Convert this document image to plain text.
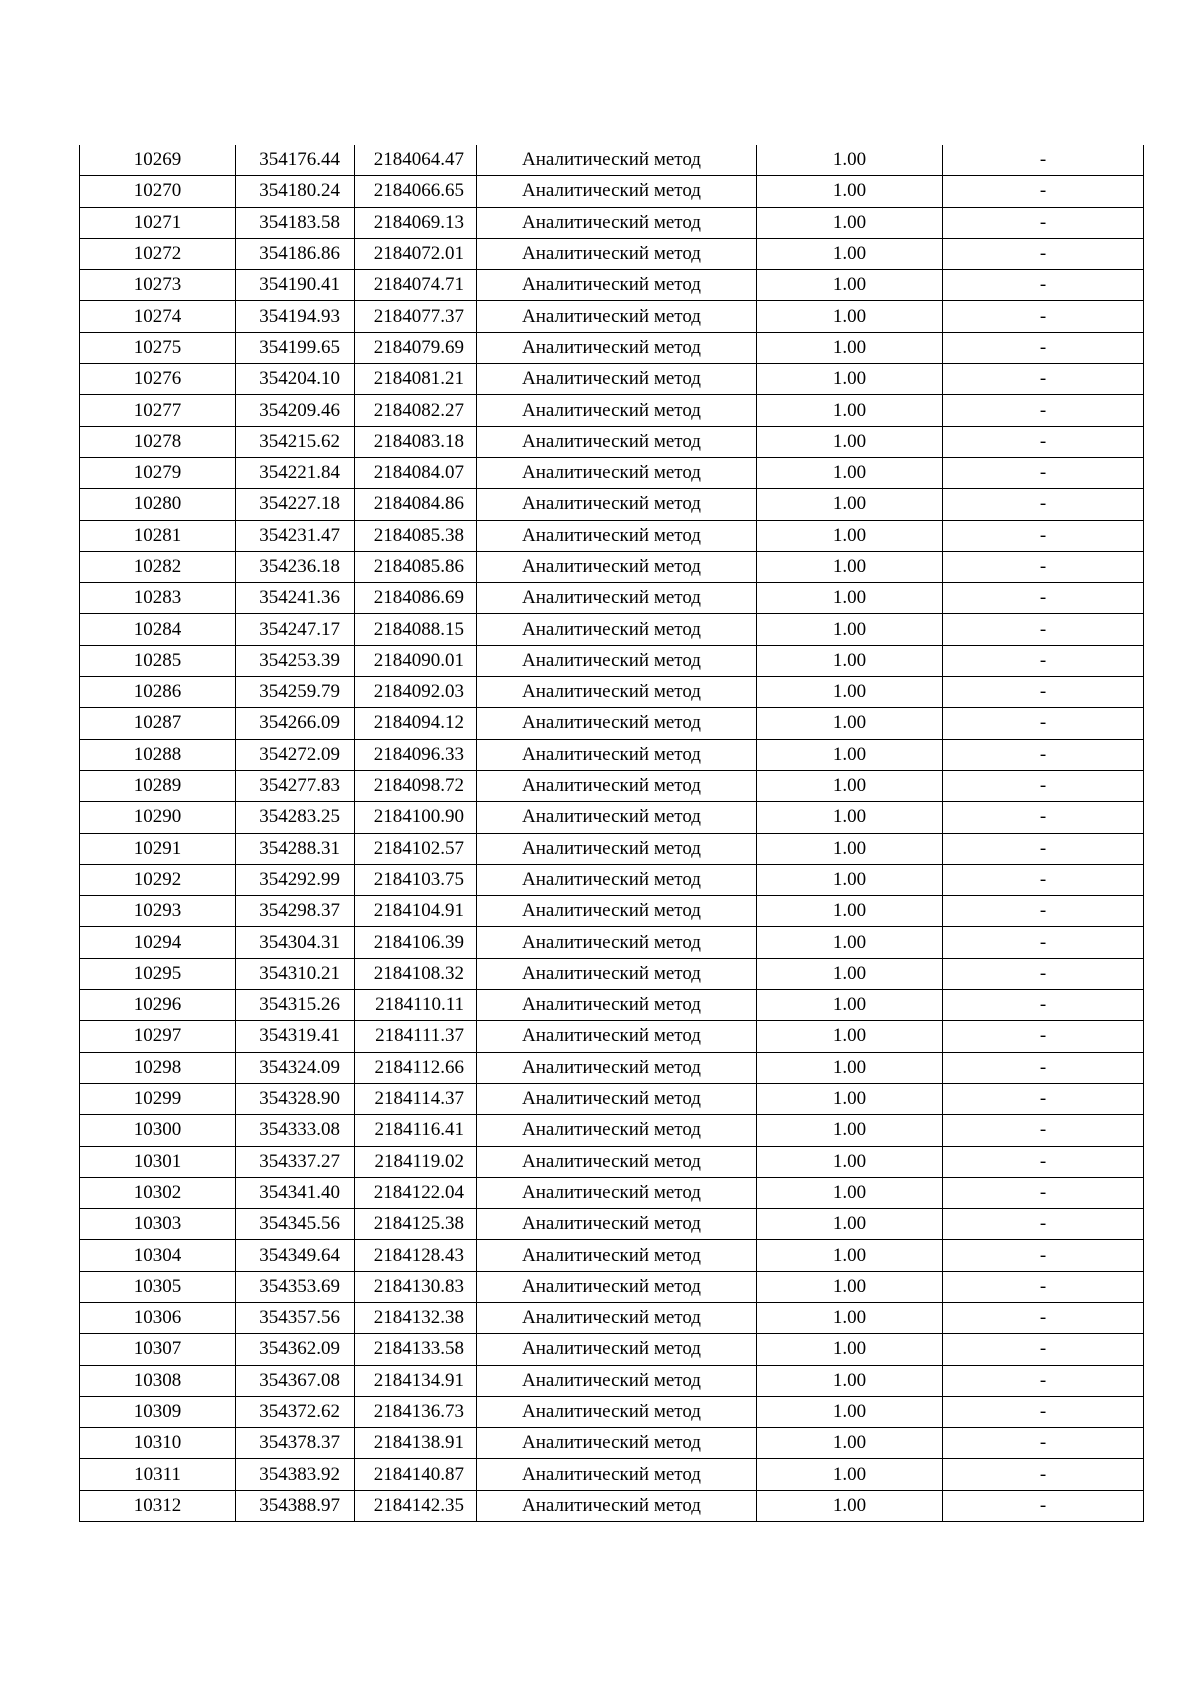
10269	354176.44	2184064.47	Аналитический метод	1.00	-
10270	354180.24	2184066.65	Аналитический метод	1.00	-
10271	354183.58	2184069.13	Аналитический метод	1.00	-
10272	354186.86	2184072.01	Аналитический метод	1.00	-
10273	354190.41	2184074.71	Аналитический метод	1.00	-
10274	354194.93	2184077.37	Аналитический метод	1.00	-
10275	354199.65	2184079.69	Аналитический метод	1.00	-
10276	354204.10	2184081.21	Аналитический метод	1.00	-
10277	354209.46	2184082.27	Аналитический метод	1.00	-
10278	354215.62	2184083.18	Аналитический метод	1.00	-
10279	354221.84	2184084.07	Аналитический метод	1.00	-
10280	354227.18	2184084.86	Аналитический метод	1.00	-
10281	354231.47	2184085.38	Аналитический метод	1.00	-
10282	354236.18	2184085.86	Аналитический метод	1.00	-
10283	354241.36	2184086.69	Аналитический метод	1.00	-
10284	354247.17	2184088.15	Аналитический метод	1.00	-
10285	354253.39	2184090.01	Аналитический метод	1.00	-
10286	354259.79	2184092.03	Аналитический метод	1.00	-
10287	354266.09	2184094.12	Аналитический метод	1.00	-
10288	354272.09	2184096.33	Аналитический метод	1.00	-
10289	354277.83	2184098.72	Аналитический метод	1.00	-
10290	354283.25	2184100.90	Аналитический метод	1.00	-
10291	354288.31	2184102.57	Аналитический метод	1.00	-
10292	354292.99	2184103.75	Аналитический метод	1.00	-
10293	354298.37	2184104.91	Аналитический метод	1.00	-
10294	354304.31	2184106.39	Аналитический метод	1.00	-
10295	354310.21	2184108.32	Аналитический метод	1.00	-
10296	354315.26	2184110.11	Аналитический метод	1.00	-
10297	354319.41	2184111.37	Аналитический метод	1.00	-
10298	354324.09	2184112.66	Аналитический метод	1.00	-
10299	354328.90	2184114.37	Аналитический метод	1.00	-
10300	354333.08	2184116.41	Аналитический метод	1.00	-
10301	354337.27	2184119.02	Аналитический метод	1.00	-
10302	354341.40	2184122.04	Аналитический метод	1.00	-
10303	354345.56	2184125.38	Аналитический метод	1.00	-
10304	354349.64	2184128.43	Аналитический метод	1.00	-
10305	354353.69	2184130.83	Аналитический метод	1.00	-
10306	354357.56	2184132.38	Аналитический метод	1.00	-
10307	354362.09	2184133.58	Аналитический метод	1.00	-
10308	354367.08	2184134.91	Аналитический метод	1.00	-
10309	354372.62	2184136.73	Аналитический метод	1.00	-
10310	354378.37	2184138.91	Аналитический метод	1.00	-
10311	354383.92	2184140.87	Аналитический метод	1.00	-
10312	354388.97	2184142.35	Аналитический метод	1.00	-
